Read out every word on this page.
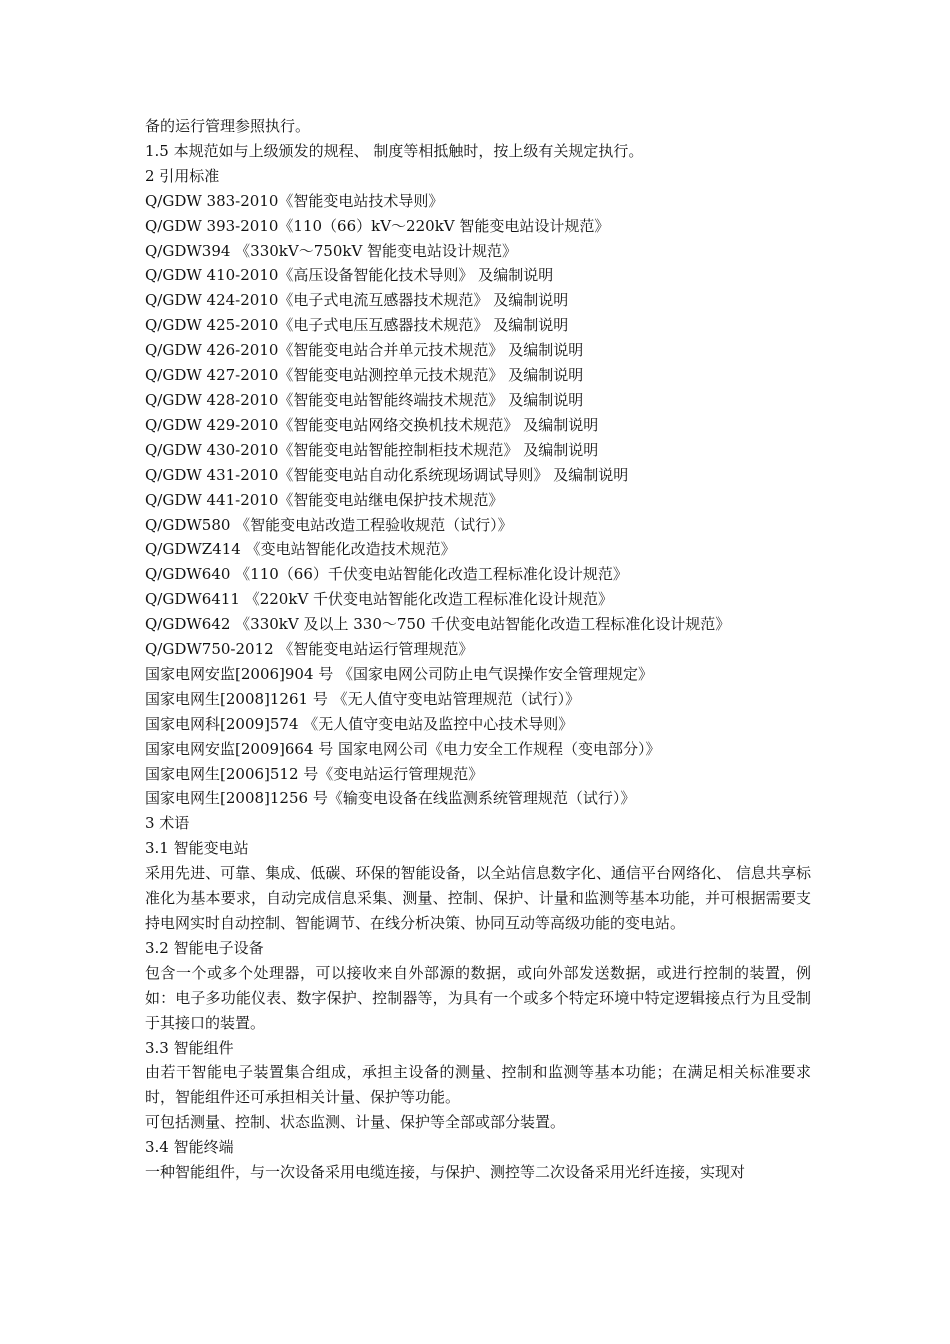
备的运行管理参照执行。
1.5 本规范如与上级颁发的规程、 制度等相抵触时，按上级有关规定执行。
2 引用标准
Q/GDW 383-2010《智能变电站技术导则》
Q/GDW 393-2010《110（66）kV～220kV 智能变电站设计规范》
Q/GDW394 《330kV～750kV 智能变电站设计规范》
Q/GDW 410-2010《高压设备智能化技术导则》 及编制说明
Q/GDW 424-2010《电子式电流互感器技术规范》 及编制说明
Q/GDW 425-2010《电子式电压互感器技术规范》 及编制说明
Q/GDW 426-2010《智能变电站合并单元技术规范》 及编制说明
Q/GDW 427-2010《智能变电站测控单元技术规范》 及编制说明
Q/GDW 428-2010《智能变电站智能终端技术规范》 及编制说明
Q/GDW 429-2010《智能变电站网络交换机技术规范》 及编制说明
Q/GDW 430-2010《智能变电站智能控制柜技术规范》 及编制说明
Q/GDW 431-2010《智能变电站自动化系统现场调试导则》 及编制说明
Q/GDW 441-2010《智能变电站继电保护技术规范》
Q/GDW580 《智能变电站改造工程验收规范（试行）》
Q/GDWZ414 《变电站智能化改造技术规范》
Q/GDW640 《110（66）千伏变电站智能化改造工程标准化设计规范》
Q/GDW6411 《220kV 千伏变电站智能化改造工程标准化设计规范》
Q/GDW642 《330kV 及以上 330～750 千伏变电站智能化改造工程标准化设计规范》
Q/GDW750-2012 《智能变电站运行管理规范》
国家电网安监[2006]904 号 《国家电网公司防止电气误操作安全管理规定》
国家电网生[2008]1261 号 《无人值守变电站管理规范（试行）》
国家电网科[2009]574 《无人值守变电站及监控中心技术导则》
国家电网安监[2009]664 号 国家电网公司《电力安全工作规程（变电部分）》
国家电网生[2006]512 号《变电站运行管理规范》
国家电网生[2008]1256 号《输变电设备在线监测系统管理规范（试行）》
3 术语
3.1 智能变电站
采用先进、可靠、集成、低碳、环保的智能设备，以全站信息数字化、通信平台网络化、 信息共享标准化为基本要求，自动完成信息采集、测量、控制、保护、计量和监测等基本功能，并可根据需要支持电网实时自动控制、智能调节、在线分析决策、协同互动等高级功能的变电站。
3.2 智能电子设备
包含一个或多个处理器，可以接收来自外部源的数据，或向外部发送数据，或进行控制的装置，例如：电子多功能仪表、数字保护、控制器等，为具有一个或多个特定环境中特定逻辑接点行为且受制于其接口的装置。
3.3 智能组件
由若干智能电子装置集合组成，承担主设备的测量、控制和监测等基本功能；在满足相关标准要求时，智能组件还可承担相关计量、保护等功能。
可包括测量、控制、状态监测、计量、保护等全部或部分装置。
3.4 智能终端
一种智能组件，与一次设备采用电缆连接，与保护、测控等二次设备采用光纤连接，实现对
